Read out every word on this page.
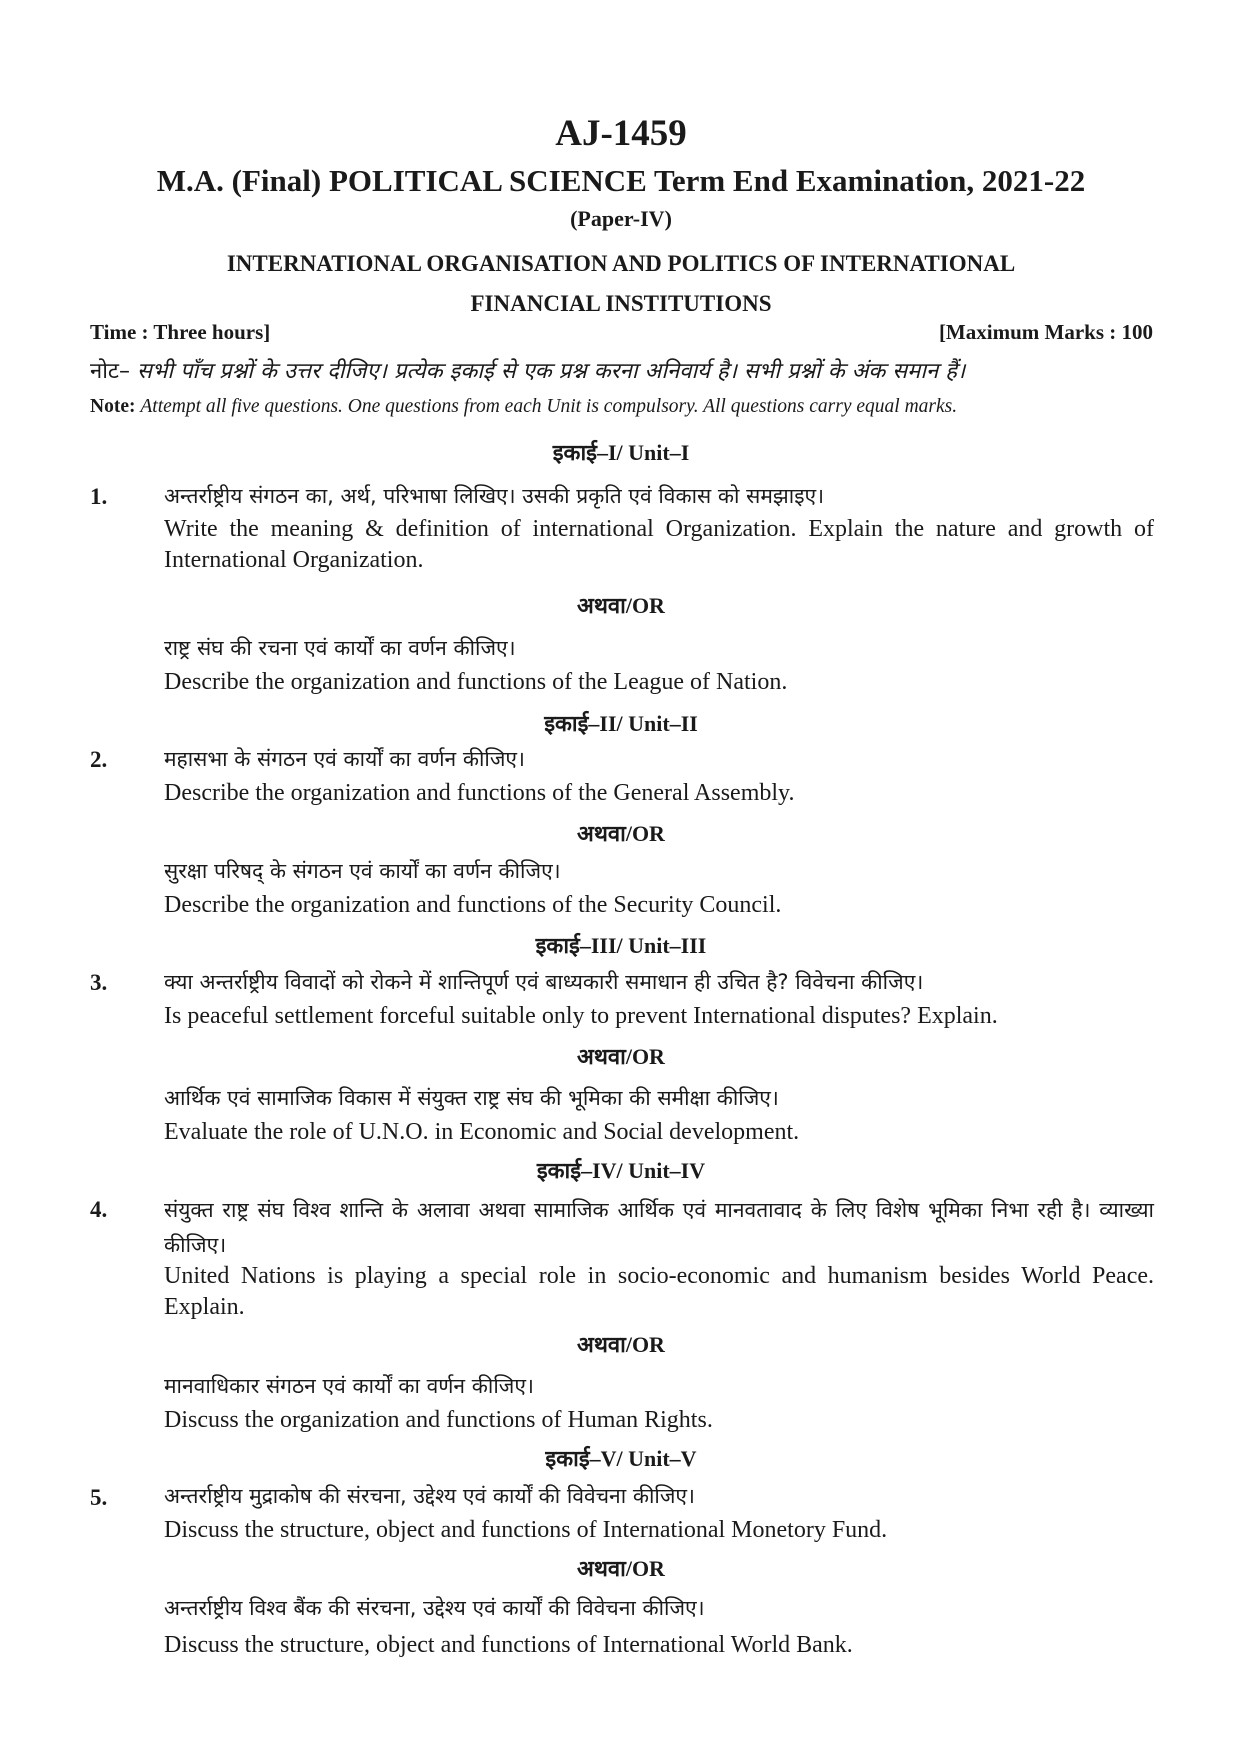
AJ-1459
M.A. (Final) POLITICAL SCIENCE Term End Examination, 2021-22
(Paper-IV)
INTERNATIONAL ORGANISATION AND POLITICS OF INTERNATIONAL
FINANCIAL INSTITUTIONS
Time : Three hours]	[Maximum Marks : 100
नोट– सभी पाँच प्रश्नों के उत्तर दीजिए। प्रत्येक इकाई से एक प्रश्न करना अनिवार्य है। सभी प्रश्नों के अंक समान हैं।
Note: Attempt all five questions. One questions from each Unit is compulsory. All questions carry equal marks.
इकाई–I/ Unit–I
1.	अन्तर्राष्ट्रीय संगठन का, अर्थ, परिभाषा लिखिए। उसकी प्रकृति एवं विकास को समझाइए।
Write the meaning & definition of international Organization. Explain the nature and growth of International Organization.
अथवा/OR
राष्ट्र संघ की रचना एवं कार्यों का वर्णन कीजिए।
Describe the organization and functions of the League of Nation.
इकाई–II/ Unit–II
2.	महासभा के संगठन एवं कार्यों का वर्णन कीजिए।
Describe the organization and functions of the General Assembly.
अथवा/OR
सुरक्षा परिषद् के संगठन एवं कार्यों का वर्णन कीजिए।
Describe the organization and functions of the Security Council.
इकाई–III/ Unit–III
3.	क्या अन्तर्राष्ट्रीय विवादों को रोकने में शान्तिपूर्ण एवं बाध्यकारी समाधान ही उचित है? विवेचना कीजिए।
Is peaceful settlement forceful suitable only to prevent International disputes? Explain.
अथवा/OR
आर्थिक एवं सामाजिक विकास में संयुक्त राष्ट्र संघ की भूमिका की समीक्षा कीजिए।
Evaluate the role of U.N.O. in Economic and Social development.
इकाई–IV/ Unit–IV
4.	संयुक्त राष्ट्र संघ विश्व शान्ति के अलावा अथवा सामाजिक आर्थिक एवं मानवतावाद के लिए विशेष भूमिका निभा रही है। व्याख्या कीजिए।
United Nations is playing a special role in socio-economic and humanism besides World Peace. Explain.
अथवा/OR
मानवाधिकार संगठन एवं कार्यों का वर्णन कीजिए।
Discuss the organization and functions of Human Rights.
इकाई–V/ Unit–V
5.	अन्तर्राष्ट्रीय मुद्राकोष की संरचना, उद्देश्य एवं कार्यों की विवेचना कीजिए।
Discuss the structure, object and functions of International Monetory Fund.
अथवा/OR
अन्तर्राष्ट्रीय विश्व बैंक की संरचना, उद्देश्य एवं कार्यों की विवेचना कीजिए।
Discuss the structure, object and functions of International World Bank.
